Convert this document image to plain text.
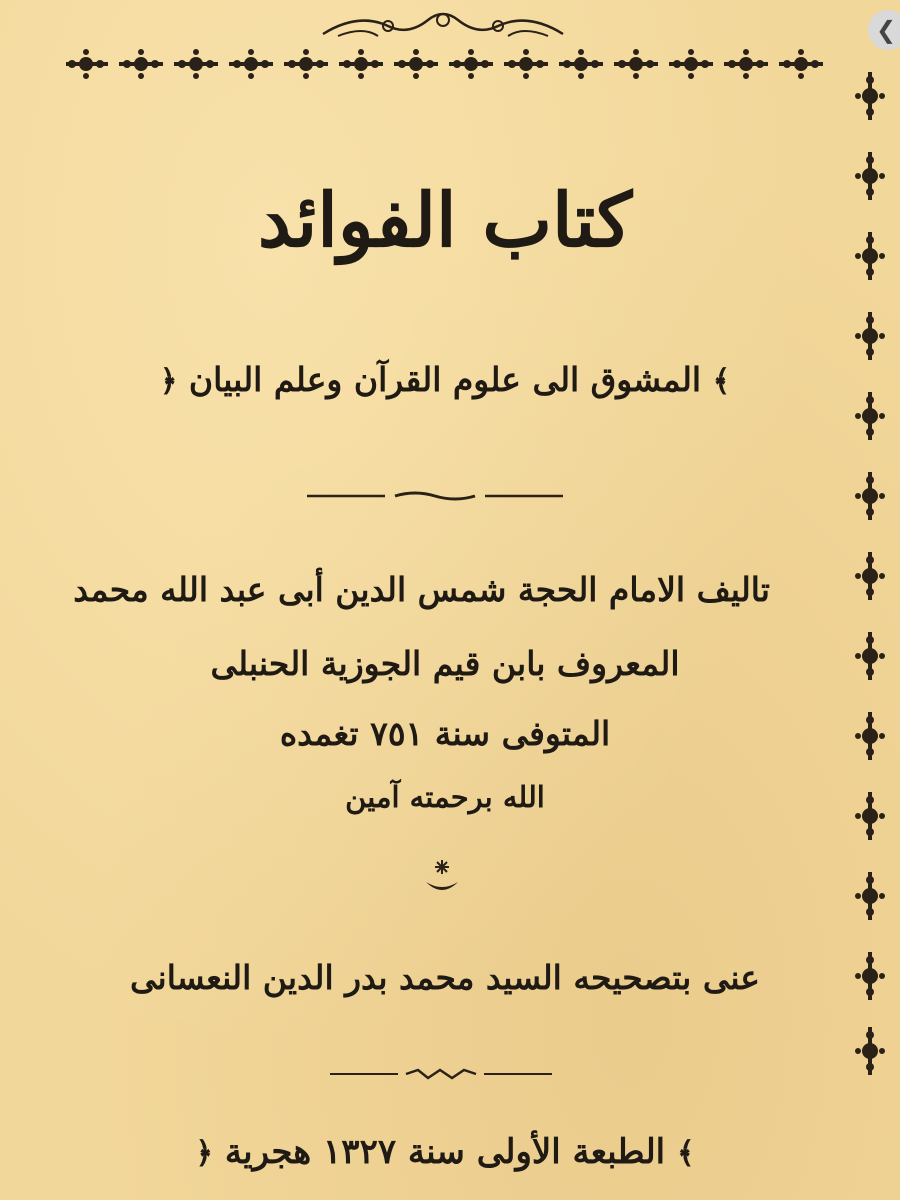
❮
كتاب الفوائد
﴾ المشوق الى علوم القرآن وعلم البيان ﴿
تاليف الامام الحجة شمس الدين أبى عبد الله محمد
المعروف بابن قيم الجوزية الحنبلى
المتوفى سنة ٧٥١ تغمده
الله برحمته آمين
عنى بتصحيحه السيد محمد بدر الدين النعسانى
﴾ الطبعة الأولى سنة ١٣٢٧ هجرية ﴿
